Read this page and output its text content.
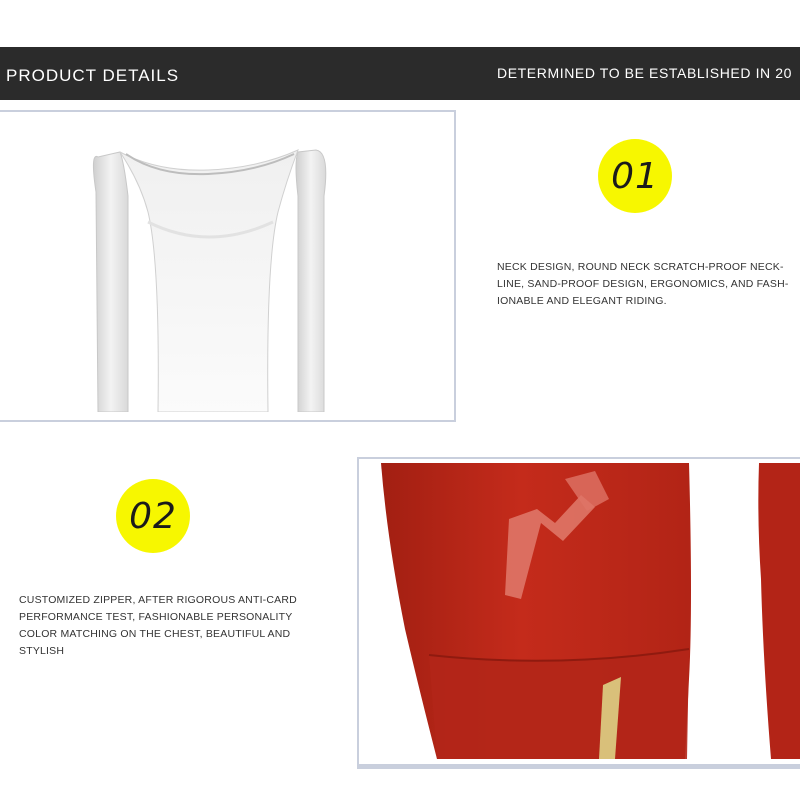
PRODUCT DETAILS	DETERMINED TO BE ESTABLISHED IN 20
01

NECK DESIGN, ROUND NECK SCRATCH-PROOF NECK-
LINE, SAND-PROOF DESIGN, ERGONOMICS, AND FASH-
IONABLE AND ELEGANT RIDING.

02

CUSTOMIZED ZIPPER, AFTER RIGOROUS ANTI-CARD
PERFORMANCE TEST, FASHIONABLE PERSONALITY
COLOR MATCHING ON THE CHEST, BEAUTIFUL AND
STYLISH
